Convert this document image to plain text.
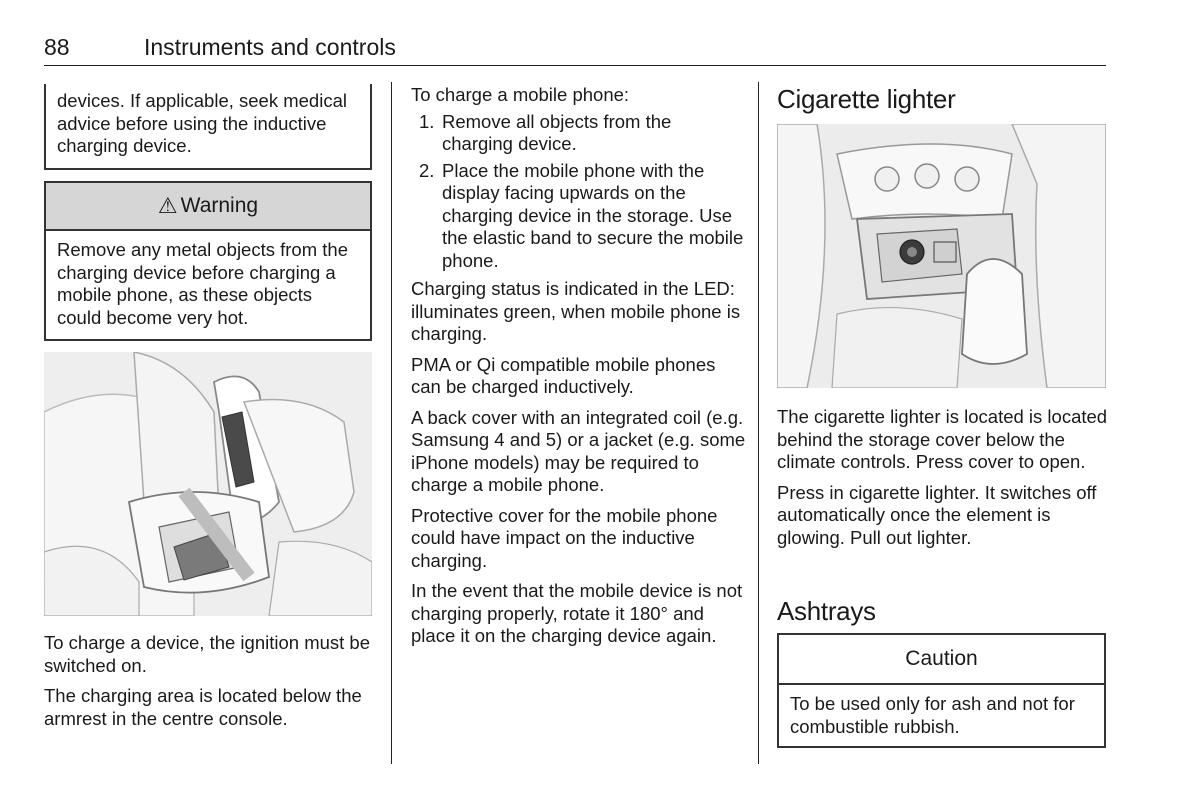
88	Instruments and controls
devices. If applicable, seek medical advice before using the inductive charging device.
⚠ Warning
Remove any metal objects from the charging device before charging a mobile phone, as these objects could become very hot.

To charge a device, the ignition must be switched on.

The charging area is located below the armrest in the centre console.

To charge a mobile phone:

1. Remove all objects from the charging device.
2. Place the mobile phone with the display facing upwards on the charging device in the storage. Use the elastic band to secure the mobile phone.

Charging status is indicated in the LED: illuminates green, when mobile phone is charging.

PMA or Qi compatible mobile phones can be charged inductively.

A back cover with an integrated coil (e.g. Samsung 4 and 5) or a jacket (e.g. some iPhone models) may be required to charge a mobile phone.

Protective cover for the mobile phone could have impact on the inductive charging.

In the event that the mobile device is not charging properly, rotate it 180° and place it on the charging device again.

Cigarette lighter

The cigarette lighter is located is located behind the storage cover below the climate controls. Press cover to open.

Press in cigarette lighter. It switches off automatically once the element is glowing. Pull out lighter.

Ashtrays
Caution
To be used only for ash and not for combustible rubbish.
